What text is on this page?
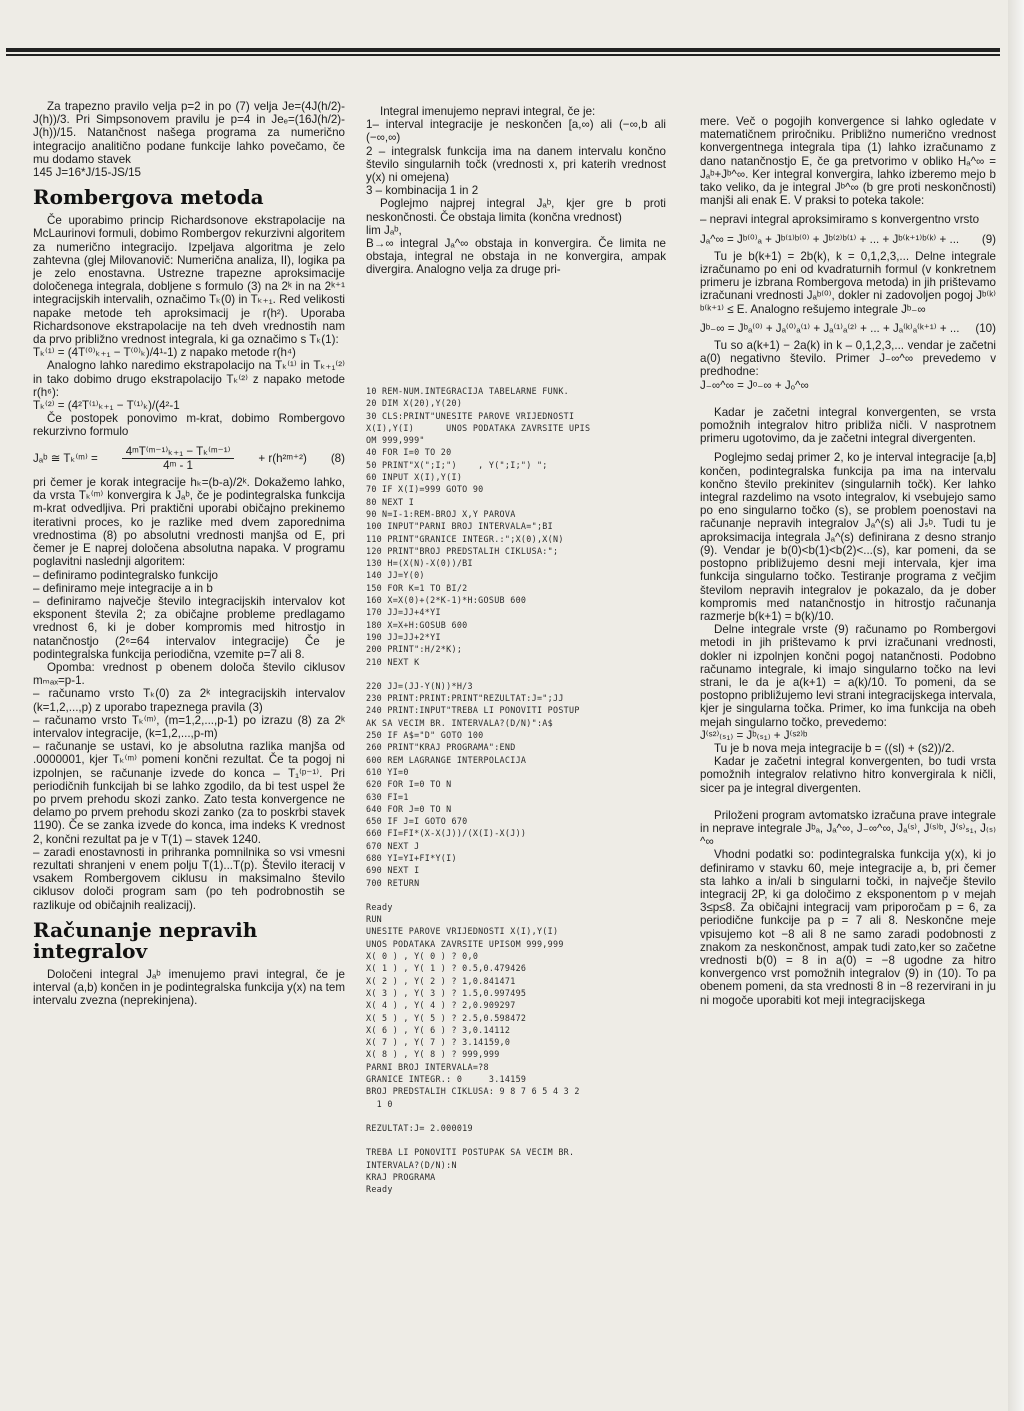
Za trapezno pravilo velja p=2 in po (7) velja Je=(4J(h/2)-J(h))/3. Pri Simpsonovem pravilu je p=4 in Jeₑ=(16J(h/2)-J(h))/15. Natančnost našega programa za numerično integracijo analitično podane funkcije lahko povečamo, če mu dodamo stavek

145 J=16*J/15-JS/15

Rombergova metoda

Če uporabimo princip Richardsonove ekstrapolacije na McLaurinovi formuli, dobimo Rombergov rekurzivni algoritem za numerično integracijo. Izpeljava algoritma je zelo zahtevna (glej Milovanovič: Numerična analiza, II), logika pa je zelo enostavna. Ustrezne trapezne aproksimacije določenega integrala, dobljene s formulo (3) na 2ᵏ in na 2ᵏ⁺¹ integracijskih intervalih, označimo Tₖ(0) in Tₖ₊₁. Red velikosti napake metode teh aproksimacij je r(h²). Uporaba Richardsonove ekstrapolacije na teh dveh vrednostih nam da prvo približno vrednost integrala, ki ga označimo s Tₖ(1):

Tₖ⁽¹⁾ = (4T⁽⁰⁾ₖ₊₁ − T⁽⁰⁾ₖ)/4¹-1) z napako metode r(h⁴)

Analogno lahko naredimo ekstrapolacijo na Tₖ⁽¹⁾ in Tₖ₊₁⁽²⁾ in tako dobimo drugo ekstrapolacijo Tₖ⁽²⁾ z napako metode r(h⁶):

Tₖ⁽²⁾ = (4²T⁽¹⁾ₖ₊₁ − T⁽¹⁾ₖ)/(4²-1

Če postopek ponovimo m-krat, dobimo Rombergovo rekurzivno formulo

Jₐᵇ ≅ Tₖ⁽ᵐ⁾ = $\frac{\text{4ᵐT⁽ᵐ⁻¹⁾ₖ₊₁ − Tₖ⁽ᵐ⁻¹⁾}}{\text{4ᵐ - 1}}$ + r(h²ᵐ⁺²) (8)

pri čemer je korak integracije hₖ=(b-a)/2ᵏ. Dokažemo lahko, da vrsta Tₖ⁽ᵐ⁾ konvergira k Jₐᵇ, če je podintegralska funkcija m-krat odvedljiva. Pri praktični uporabi običajno prekinemo iterativni proces, ko je razlike med dvem zaporednima vrednostima (8) po absolutni vrednosti manjša od E, pri čemer je E naprej določena absolutna napaka. V programu poglavitni naslednji algoritem:

– definiramo podintegralsko funkcijo

– definiramo meje integracije a in b

– definiramo največje število integracijskih intervalov kot eksponent števila 2; za običajne probleme predlagamo vrednost 6, ki je dober kompromis med hitrostjo in natančnostjo (2⁶=64 intervalov integracije) Če je podintegralska funkcija periodična, vzemite p=7 ali 8.

Opomba: vrednost p obenem določa število ciklusov mₘₐₓ=p-1.

– računamo vrsto Tₖ(0) za 2ᵏ integracijskih intervalov (k=1,2,...,p) z uporabo trapeznega pravila (3)

– računamo vrsto Tₖ⁽ᵐ⁾, (m=1,2,...,p-1) po izrazu (8) za 2ᵏ intervalov integracije, (k=1,2,...,p-m)

– računanje se ustavi, ko je absolutna razlika manjša od .0000001, kjer Tₖ⁽ᵐ⁾ pomeni končni rezultat. Če ta pogoj ni izpolnjen, se računanje izvede do konca – T₁⁽ᵖ⁻¹⁾. Pri periodičnih funkcijah bi se lahko zgodilo, da bi test uspel že po prvem prehodu skozi zanko. Zato testa konvergence ne delamo po prvem prehodu skozi zanko (za to poskrbi stavek 1190). Če se zanka izvede do konca, ima indeks K vrednost 2, končni rezultat pa je v T(1) – stavek 1240.

– zaradi enostavnosti in prihranka pomnilnika so vsi vmesni rezultati shranjeni v enem polju T(1)...T(p). Število iteracij v vsakem Rombergovem ciklusu in maksimalno število ciklusov določi program sam (po teh podrobnostih se razlikuje od običajnih realizacij).

Računanje nepravih integralov

Določeni integral Jₐᵇ imenujemo pravi integral, če je interval (a,b) končen in je podintegralska funkcija y(x) na tem intervalu zvezna (neprekinjena).

Integral imenujemo nepravi integral, če je:

1– interval integracije je neskončen [a,∞) ali (−∞,b ali (−∞,∞)

2 – integralsk funkcija ima na danem intervalu končno število singularnih točk (vrednosti x, pri katerih vrednost y(x) ni omejena)

3 – kombinacija 1 in 2

Poglejmo najprej integral Jₐᵇ, kjer gre b proti neskončnosti. Če obstaja limita (končna vrednost)

lim Jₐᵇ,

B→∞ integral Jₐ^∞ obstaja in konvergira. Če limita ne obstaja, integral ne obstaja in ne konvergira, ampak divergira. Analogno velja za druge pri-

10 REM-NUM.INTEGRACIJA TABELARNE FUNK.
20 DIM X(20),Y(20)
30 CLS:PRINT"UNESITE PAROVE VRIJEDNOSTI
X(I),Y(I)      UNOS PODATAKA ZAVRSITE UPIS
OM 999,999"
40 FOR I=0 TO 20
50 PRINT"X(";I;")    , Y(";I;") ";
60 INPUT X(I),Y(I)
70 IF X(I)=999 GOTO 90
80 NEXT I
90 N=I-1:REM-BROJ X,Y PAROVA
100 INPUT"PARNI BROJ INTERVALA=";BI
110 PRINT"GRANICE INTEGR.:";X(0),X(N)
120 PRINT"BROJ PREDSTALIH CIKLUSA:";
130 H=(X(N)-X(0))/BI
140 JJ=Y(0)
150 FOR K=1 TO BI/2
160 X=X(0)+(2*K-1)*H:GOSUB 600
170 JJ=JJ+4*YI
180 X=X+H:GOSUB 600
190 JJ=JJ+2*YI
200 PRINT":H/2*K);
210 NEXT K
220 JJ=(JJ-Y(N))*H/3
230 PRINT:PRINT:PRINT"REZULTAT:J=";JJ
240 PRINT:INPUT"TREBA LI PONOVITI POSTUP
AK SA VECIM BR. INTERVALA?(D/N)":A$
250 IF A$="D" GOTO 100
260 PRINT"KRAJ PROGRAMA":END
600 REM LAGRANGE INTERPOLACIJA
610 YI=0
620 FOR I=0 TO N
630 FI=1
640 FOR J=0 TO N
650 IF J=I GOTO 670
660 FI=FI*(X-X(J))/(X(I)-X(J))
670 NEXT J
680 YI=YI+FI*Y(I)
690 NEXT I
700 RETURN
Ready
RUN
UNESITE PAROVE VRIJEDNOSTI X(I),Y(I)
UNOS PODATAKA ZAVRSITE UPISOM 999,999
X( 0 ) , Y( 0 ) ? 0,0
X( 1 ) , Y( 1 ) ? 0.5,0.479426
X( 2 ) , Y( 2 ) ? 1,0.841471
X( 3 ) , Y( 3 ) ? 1.5,0.997495
X( 4 ) , Y( 4 ) ? 2,0.909297
X( 5 ) , Y( 5 ) ? 2.5,0.598472
X( 6 ) , Y( 6 ) ? 3,0.14112
X( 7 ) , Y( 7 ) ? 3.14159,0
X( 8 ) , Y( 8 ) ? 999,999
PARNI BROJ INTERVALA=?8
GRANICE INTEGR.: 0     3.14159
BROJ PREDSTALIH CIKLUSA: 9 8 7 6 5 4 3 2
1 0
REZULTAT:J= 2.000019
TREBA LI PONOVITI POSTUPAK SA VECIM BR.
INTERVALA?(D/N):N
KRAJ PROGRAMA
Ready

mere. Več o pogojih konvergence si lahko ogledate v matematičnem priročniku. Približno numerično vrednost konvergentnega integrala tipa (1) lahko izračunamo z dano natančnostjo E, če ga pretvorimo v obliko Hₐ^∞ = Jₐᵇ+Jᵇ^∞. Ker integral konvergira, lahko izberemo mejo b tako veliko, da je integral Jᵇ^∞ (b gre proti neskončnosti) manjši ali enak E. V praksi to poteka takole:

– nepravi integral aproksimiramo s konvergentno vrsto

Jₐ^∞ = Jᵇ⁽⁰⁾ₐ + Jᵇ⁽¹⁾ᵇ⁽⁰⁾ + Jᵇ⁽²⁾ᵇ⁽¹⁾ + ... + Jᵇ⁽ᵏ⁺¹⁾ᵇ⁽ᵏ⁾ + ... (9)

Tu je b(k+1) = 2b(k), k = 0,1,2,3,... Delne integrale izračunamo po eni od kvadraturnih formul (v konkretnem primeru je izbrana Rombergova metoda) in jih prištevamo izračunani vrednosti Jₐᵇ⁽⁰⁾, dokler ni zadovoljen pogoj Jᵇ⁽ᵏ⁾ᵇ⁽ᵏ⁺¹⁾ ≤ E. Analogno rešujemo integrale Jᵇ₋∞

Jᵇ₋∞ = Jᵇₐ⁽⁰⁾ + Jₐ⁽⁰⁾ₐ⁽¹⁾ + Jₐ⁽¹⁾ₐ⁽²⁾ + ... + Jₐ⁽ᵏ⁾ₐ⁽ᵏ⁺¹⁾ + ... (10)

Tu so a(k+1) − 2a(k) in k – 0,1,2,3,... vendar je začetni a(0) negativno število. Primer J₋∞^∞ prevedemo v predhodne:

J₋∞^∞ = Jᵒ₋∞ + Jₒ^∞

Kadar je začetni integral konvergenten, se vrsta pomožnih integralov hitro približa ničli. V nasprotnem primeru ugotovimo, da je začetni integral divergenten.

Poglejmo sedaj primer 2, ko je interval integracije [a,b] končen, podintegralska funkcija pa ima na intervalu končno število prekinitev (singularnih točk). Ker lahko integral razdelimo na vsoto integralov, ki vsebujejo samo po eno singularno točko (s), se problem poenostavi na računanje nepravih integralov Jₐ^(s) ali Jₛᵇ. Tudi tu je aproksimacija integrala Jₐ^(s) definirana z desno stranjo (9). Vendar je b(0)<b(1)<b(2)<...(s), kar pomeni, da se postopno približujemo desni meji intervala, kjer ima funkcija singularno točko. Testiranje programa z večjim številom nepravih integralov je pokazalo, da je dober kompromis med natančnostjo in hitrostjo računanja razmerje b(k+1) = b(k)/10.

Delne integrale vrste (9) računamo po Rombergovi metodi in jih prištevamo k prvi izračunani vrednosti, dokler ni izpolnjen končni pogoj natančnosti. Podobno računamo integrale, ki imajo singularno točko na levi strani, le da je a(k+1) = a(k)/10. To pomeni, da se postopno približujemo levi strani integracijskega intervala, kjer je singularna točka. Primer, ko ima funkcija na obeh mejah singularno točko, prevedemo:

J⁽ˢ²⁾₍ₛ₁₎ = Jᵇ₍ₛ₁₎ + J⁽ˢ²⁾ᵇ

Tu je b nova meja integracije b = ((sl) + (s2))/2.

Kadar je začetni integral konvergenten, bo tudi vrsta pomožnih integralov relativno hitro konvergirala k ničli, sicer pa je integral divergenten.

Priloženi program avtomatsko izračuna prave integrale in neprave integrale Jᵇₐ, Jₐ^∞, J₋∞^∞, Jₐ⁽ˢ⁾, J⁽ˢ⁾ᵇ, J⁽ˢ⁾ₛ₁, J₍ₛ₎^∞

Vhodni podatki so: podintegralska funkcija y(x), ki jo definiramo v stavku 60, meje integracije a, b, pri čemer sta lahko a in/ali b singularni točki, in največje število integracij 2P, ki ga določimo z eksponentom p v mejah 3≤p≤8. Za običajni integracij vam priporočam p = 6, za periodične funkcije pa p = 7 ali 8. Neskončne meje vpisujemo kot −8 ali 8 ne samo zaradi podobnosti z znakom za neskončnost, ampak tudi zato,ker so začetne vrednosti b(0) = 8 in a(0) = −8 ugodne za hitro konvergenco vrst pomožnih integralov (9) in (10). To pa obenem pomeni, da sta vrednosti 8 in −8 rezervirani in ju ni mogoče uporabiti kot meji integracijskega
